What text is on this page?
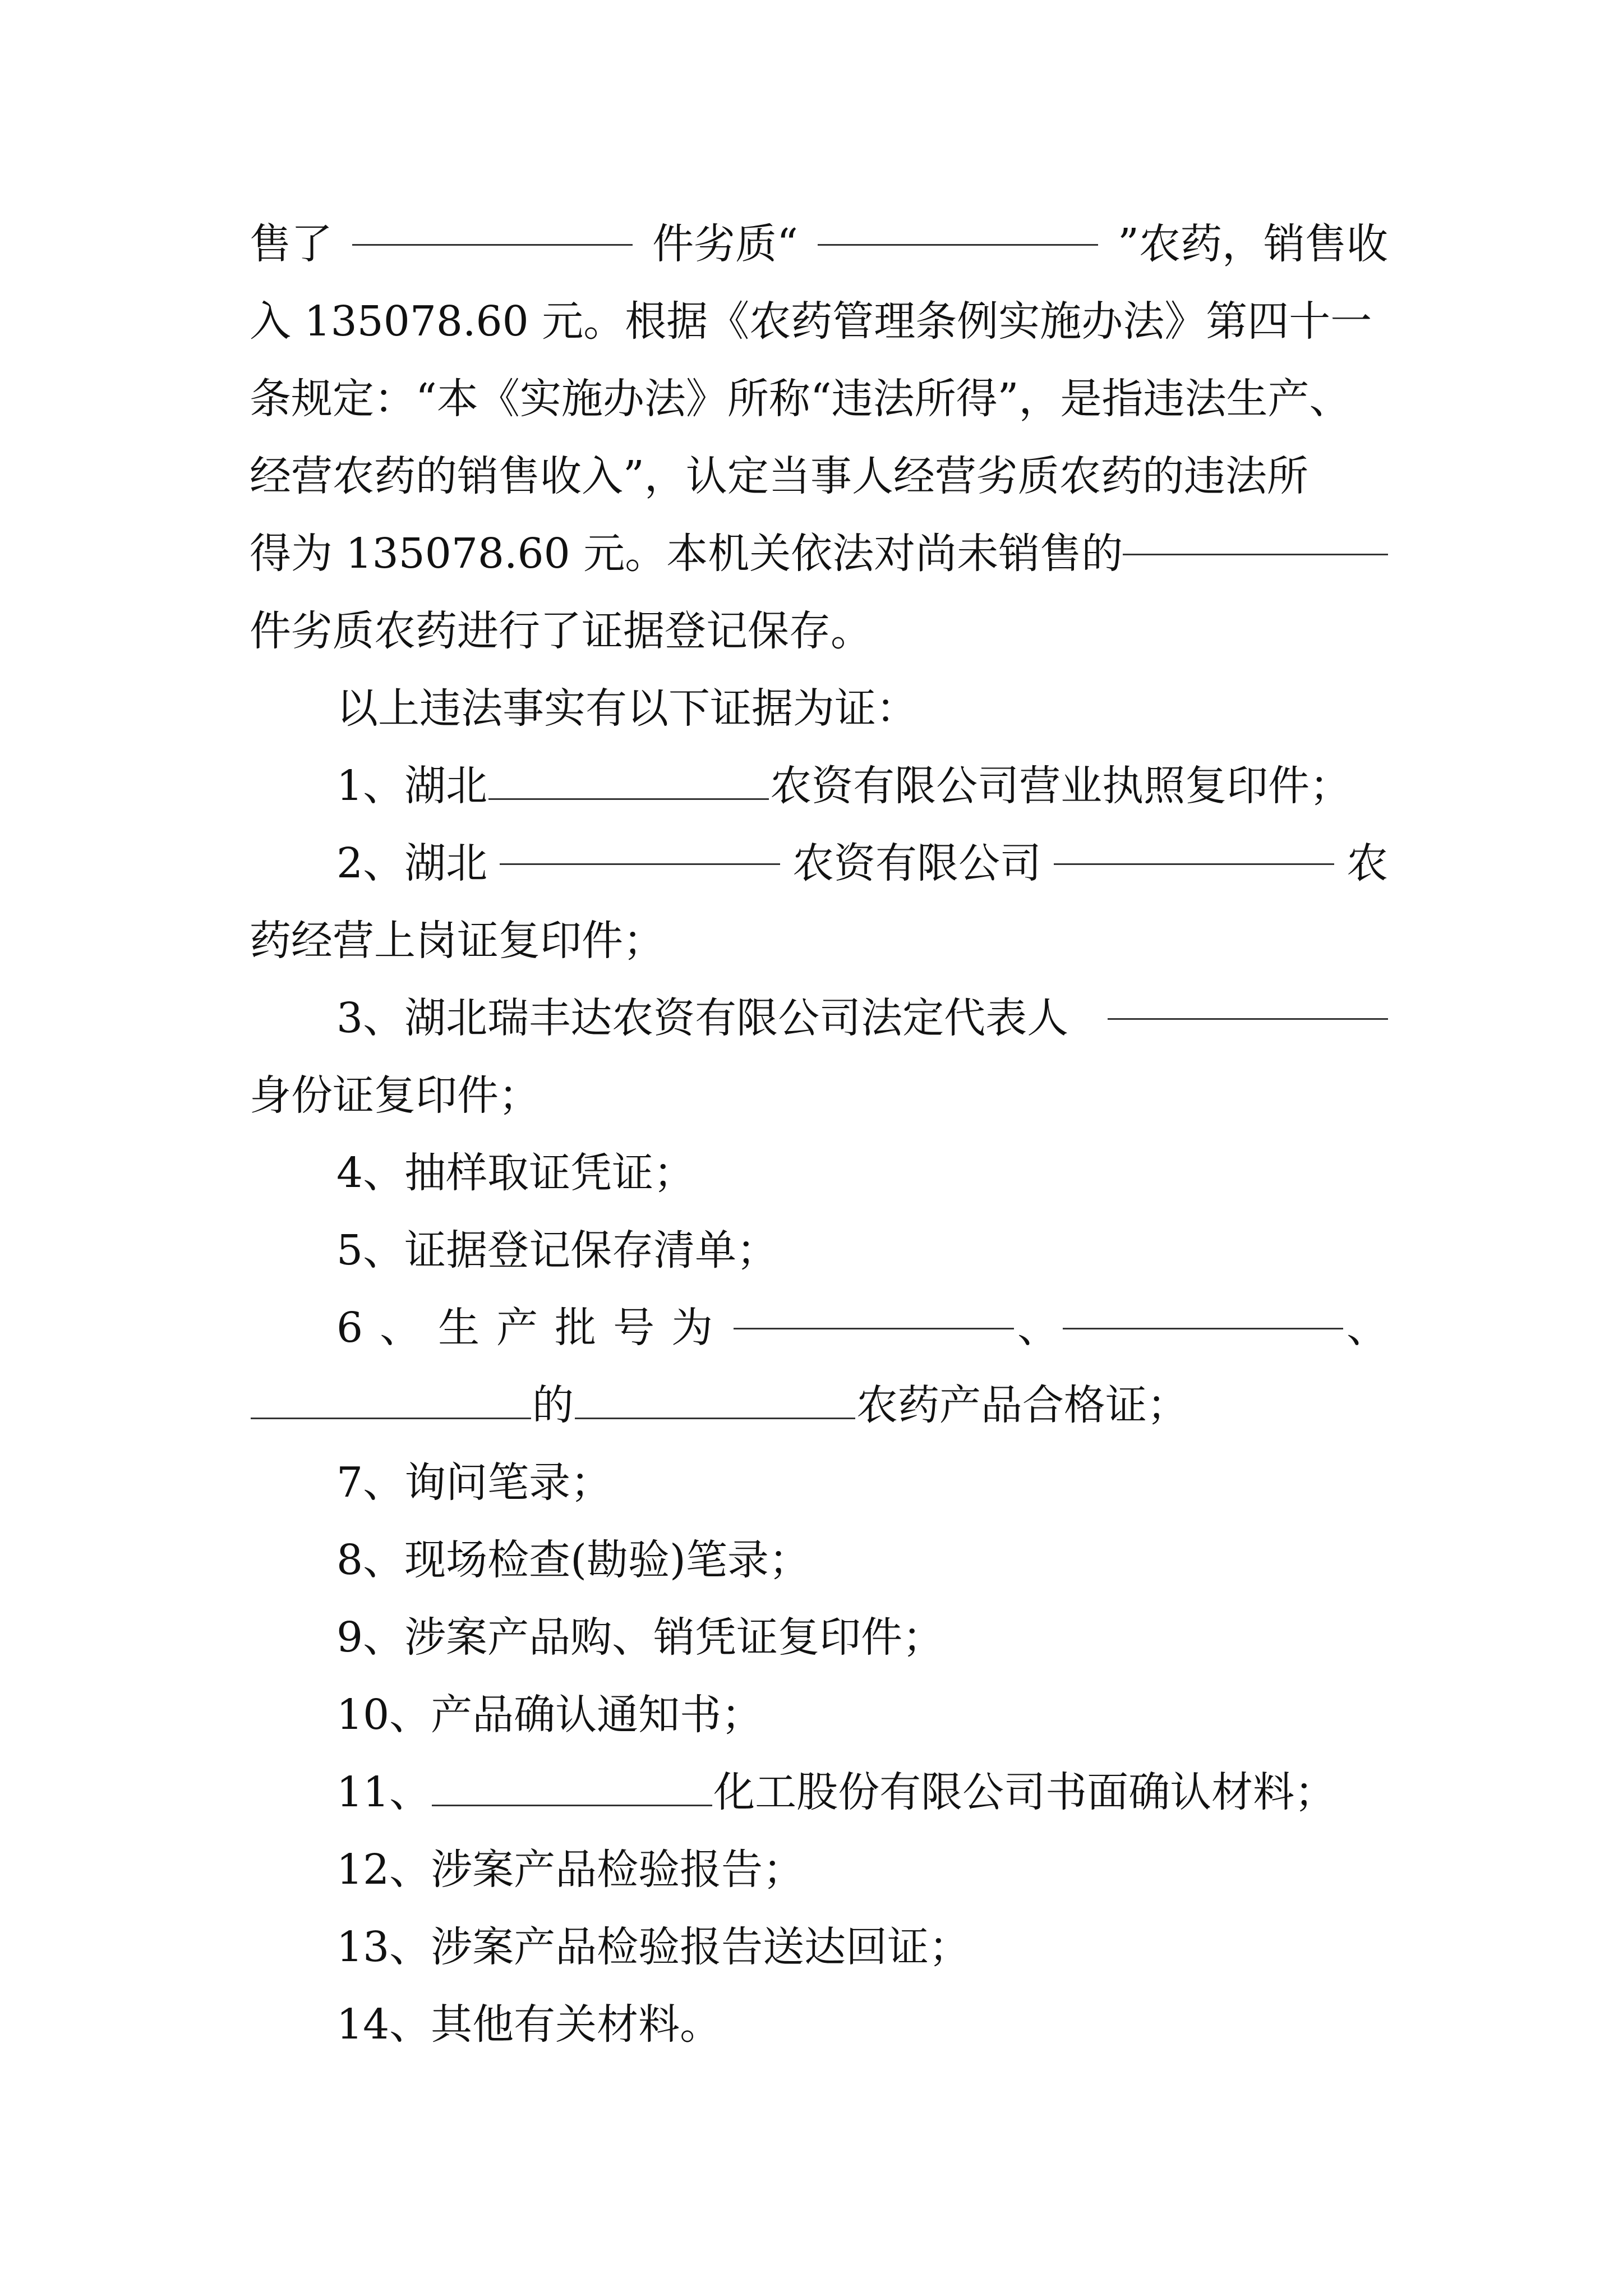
售了	件劣质“	”农药，销售收
入 135078.60 元。根据《农药管理条例实施办法》第四十一
条规定：“本《实施办法》所称“违法所得”，是指违法生产、
经营农药的销售收入”，认定当事人经营劣质农药的违法所
得为 135078.60 元。本机关依法对尚未销售的
件劣质农药进行了证据登记保存。
以上违法事实有以下证据为证：
1、湖北	农资有限公司营业执照复印件；
2、湖北	农资有限公司	农
药经营上岗证复印件；
3、湖北瑞丰达农资有限公司法定代表人
身份证复印件；
4、抽样取证凭证；
5、证据登记保存清单；
6、生产批号为	、	、
的	农药产品合格证；
7、询问笔录；
8、现场检查(勘验)笔录；
9、涉案产品购、销凭证复印件；
10、产品确认通知书；
11、	化工股份有限公司书面确认材料；
12、涉案产品检验报告；
13、涉案产品检验报告送达回证；
14、其他有关材料。
